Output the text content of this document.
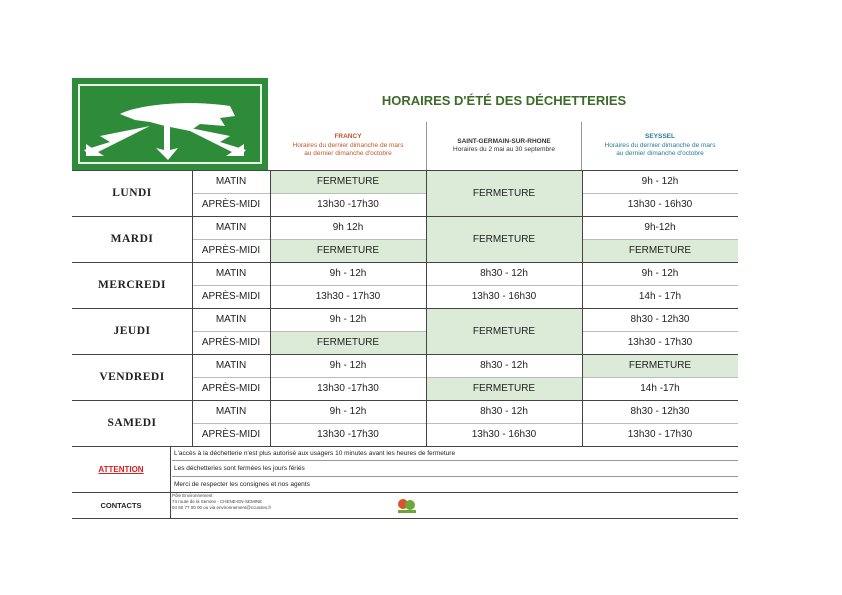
HORAIRES D'ÉTÉ DES DÉCHETTERIES
FRANCY
Horaires du dernier dimanche de mars
au dernier dimanche d'octobre
SAINT-GERMAIN-SUR-RHONE
Horaires du 2 mai au 30 septembre
SEYSSEL
Horaires du dernier dimanche de mars
au dernier dimanche d'octobre
LUNDI
MATIN
APRÈS-MIDI
FERMETURE
13h30 -17h30
FERMETURE
9h - 12h
13h30 - 16h30
MARDI
MATIN
APRÈS-MIDI
9h 12h
FERMETURE
FERMETURE
9h-12h
FERMETURE
MERCREDI
MATIN
APRÈS-MIDI
9h - 12h
13h30 - 17h30
8h30 - 12h
13h30 - 16h30
9h - 12h
14h - 17h
JEUDI
MATIN
APRÈS-MIDI
9h - 12h
FERMETURE
FERMETURE
8h30 - 12h30
13h30 - 17h30
VENDREDI
MATIN
APRÈS-MIDI
9h - 12h
13h30 -17h30
8h30 - 12h
FERMETURE
FERMETURE
14h -17h
SAMEDI
MATIN
APRÈS-MIDI
9h - 12h
13h30 -17h30
8h30 - 12h
13h30 - 16h30
8h30 - 12h30
13h30 - 17h30
ATTENTION
L'accès à la déchetterie n'est plus autorisé aux usagers 10 minutes avant les heures de fermeture
Les déchetteries sont fermées les jours fériés
Merci de respecter les consignes et nos agents
CONTACTS
Pôle Environnement
74 route de la Semine - CHENE-EN-SEMINE
04 50 77 00 00 ou via environnement@ccusses.fr
